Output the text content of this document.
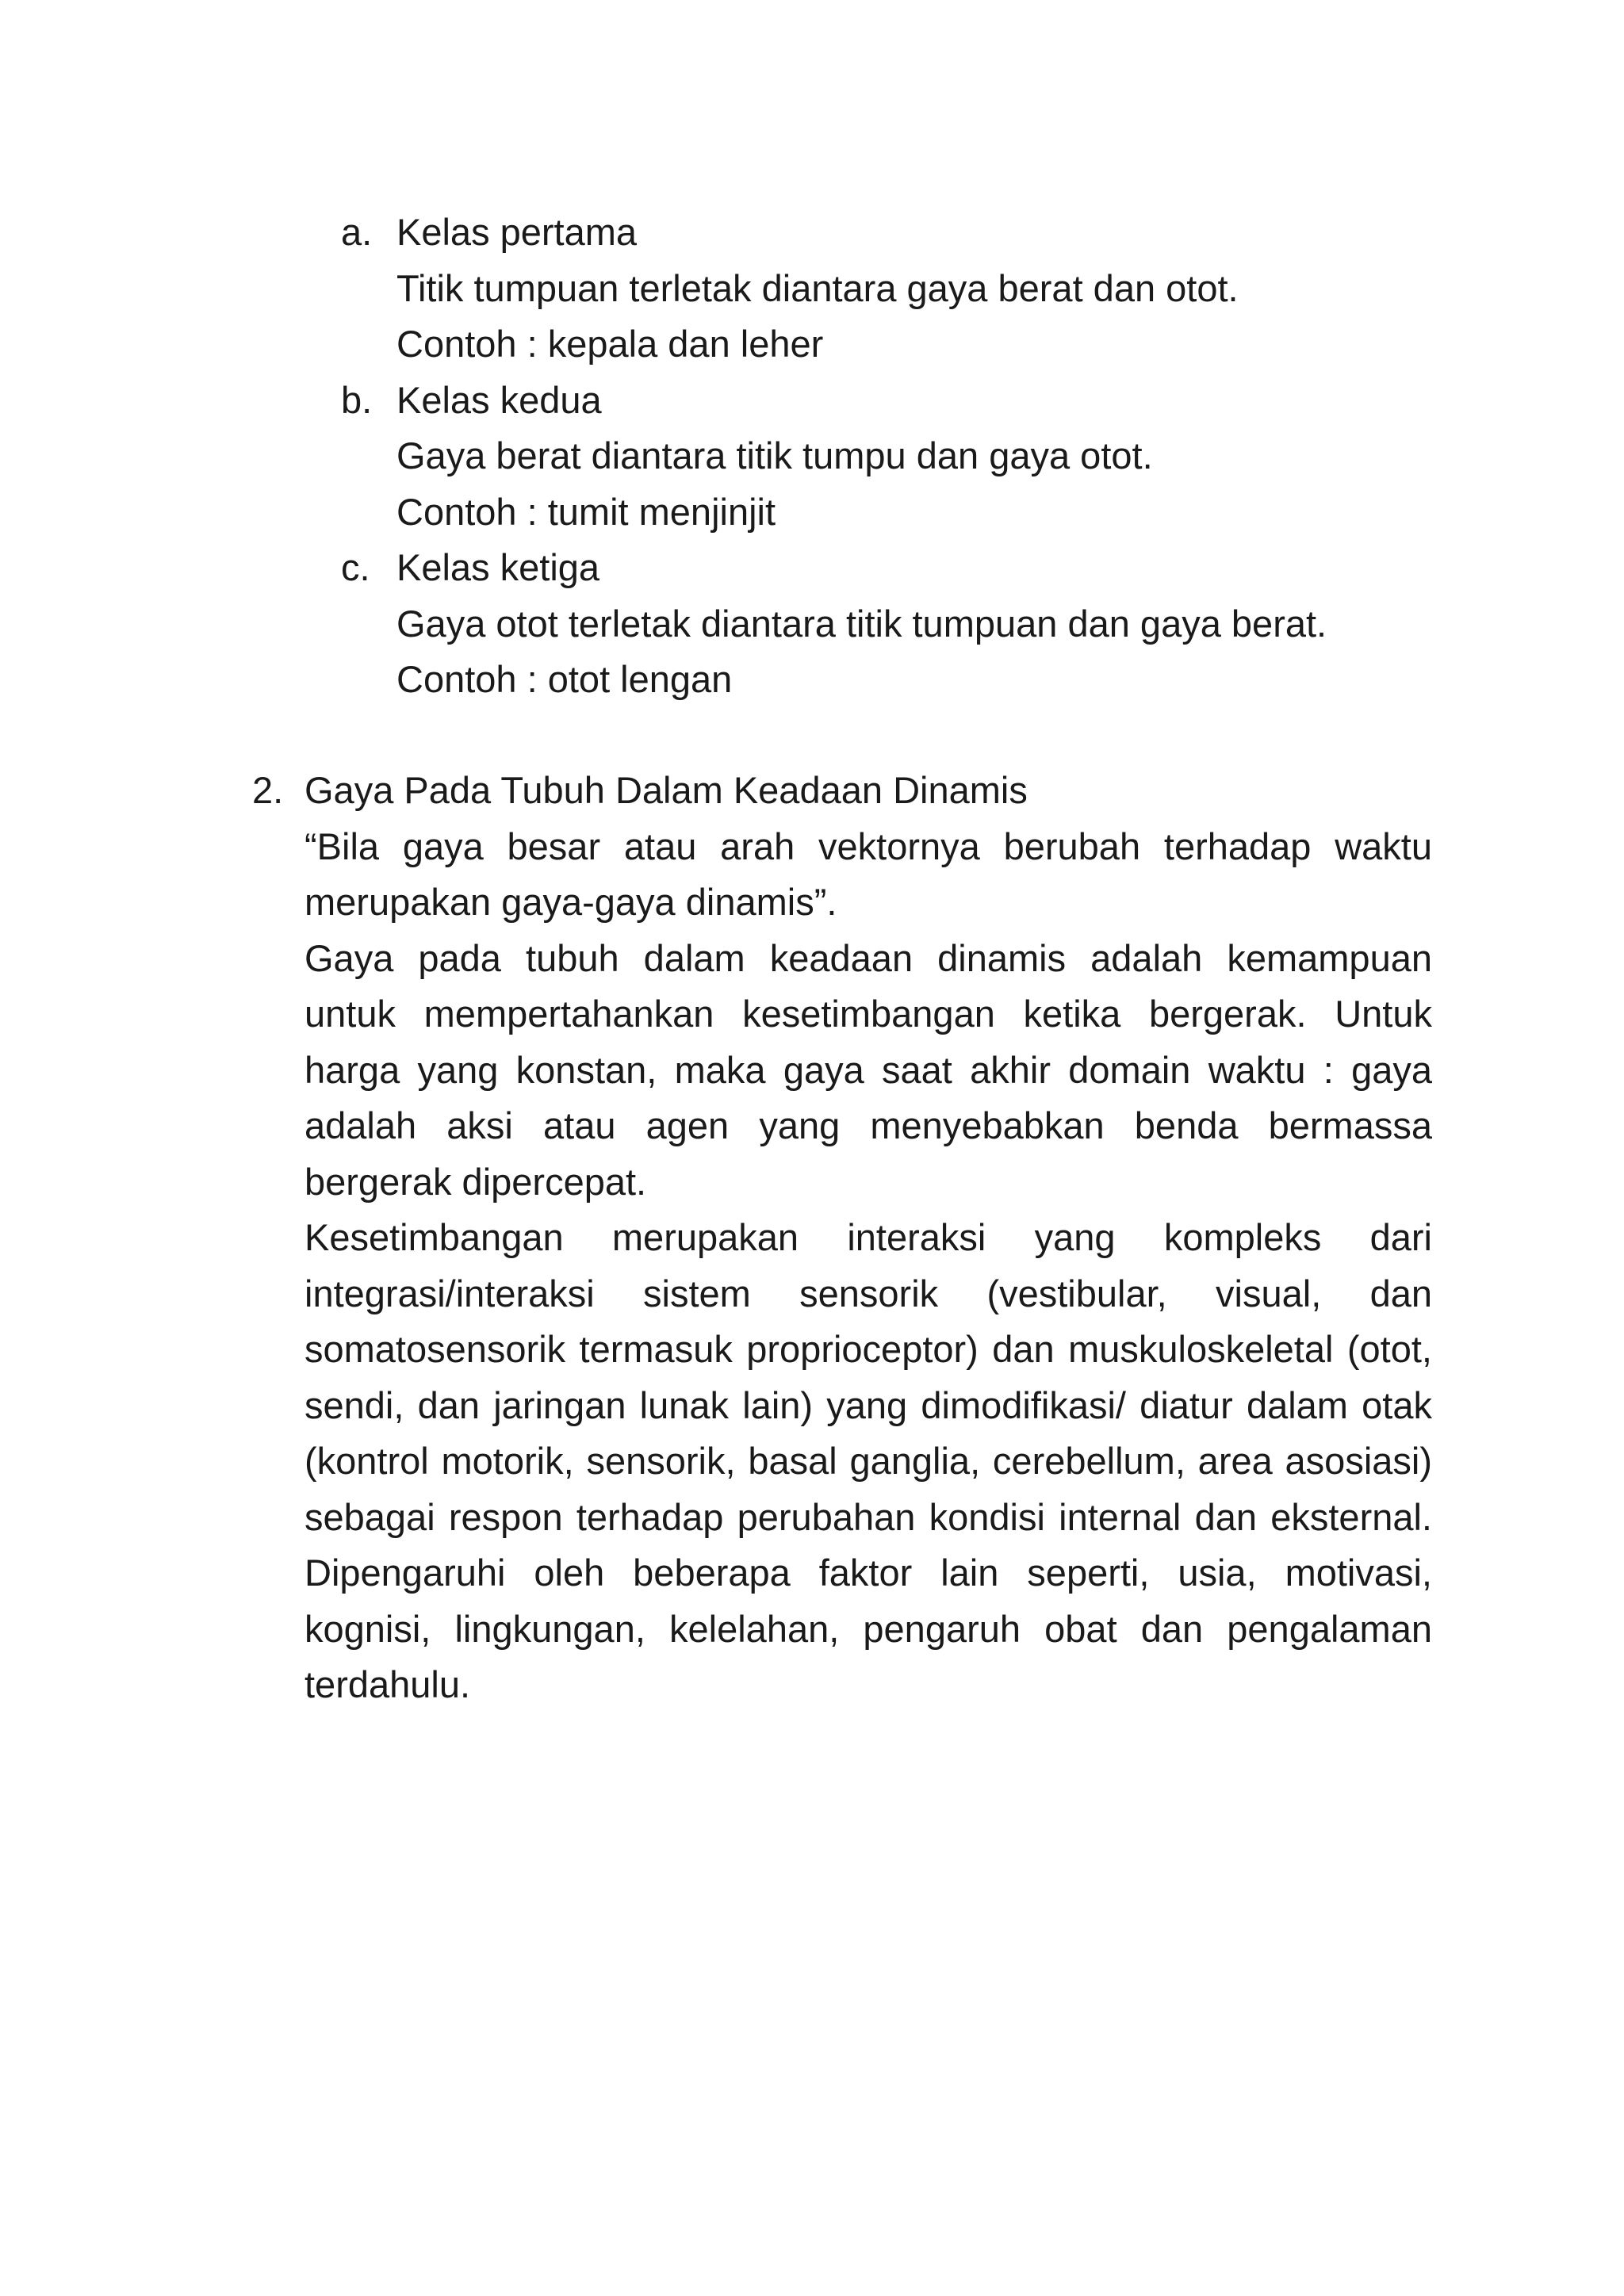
a. Kelas pertama
Titik tumpuan terletak diantara gaya berat dan otot.
Contoh : kepala dan leher
b. Kelas kedua
Gaya berat diantara titik tumpu dan gaya otot.
Contoh : tumit menjinjit
c. Kelas ketiga
Gaya otot terletak diantara titik tumpuan dan gaya berat.
Contoh : otot lengan
2. Gaya Pada Tubuh Dalam Keadaan Dinamis

“Bila gaya besar atau arah vektornya berubah terhadap waktu merupakan gaya-gaya dinamis”.

Gaya pada tubuh dalam keadaan dinamis adalah kemampuan untuk mempertahankan kesetimbangan ketika bergerak. Untuk harga yang konstan, maka gaya saat akhir domain waktu : gaya adalah aksi atau agen yang menyebabkan benda bermassa bergerak dipercepat.

Kesetimbangan merupakan interaksi yang kompleks dari integrasi/interaksi sistem sensorik (vestibular, visual, dan somatosensorik termasuk proprioceptor) dan muskuloskeletal (otot, sendi, dan jaringan lunak lain) yang dimodifikasi/ diatur dalam otak (kontrol motorik, sensorik, basal ganglia, cerebellum, area asosiasi) sebagai respon terhadap perubahan kondisi internal dan eksternal. Dipengaruhi oleh beberapa faktor lain seperti, usia, motivasi, kognisi, lingkungan, kelelahan, pengaruh obat dan pengalaman terdahulu.
